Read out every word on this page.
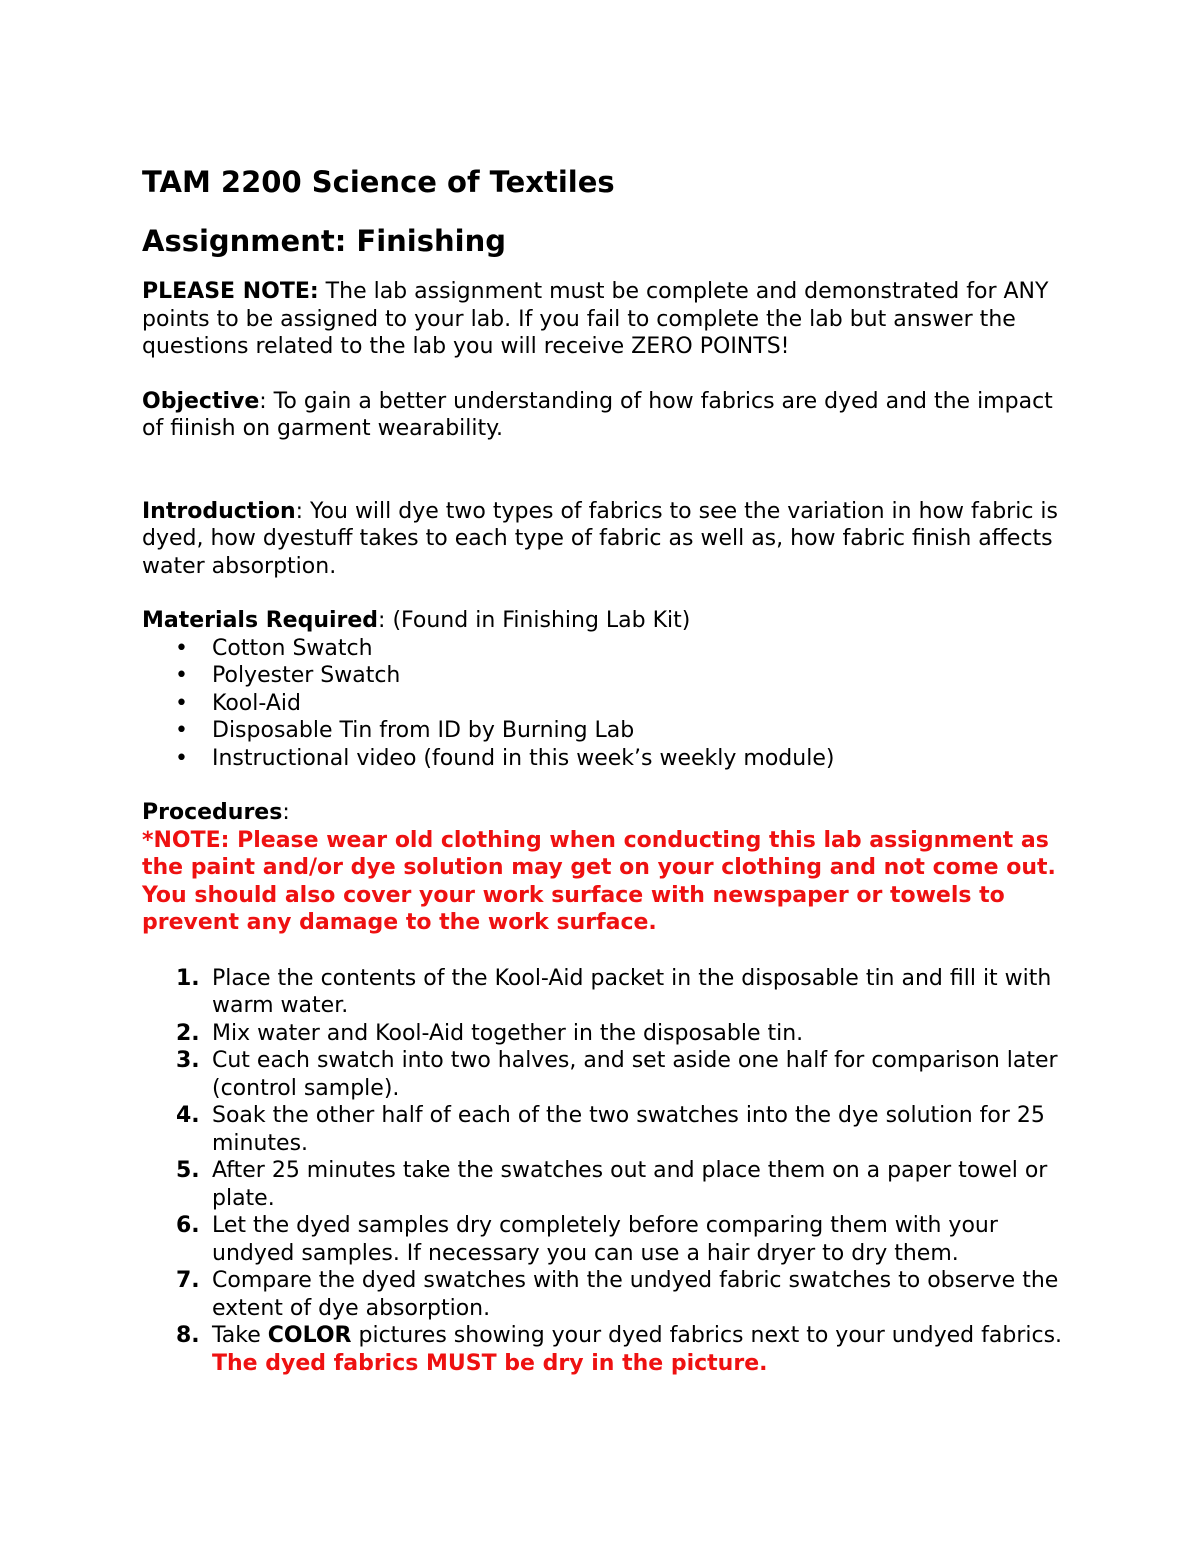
TAM 2200 Science of Textiles
Assignment: Finishing

PLEASE NOTE: The lab assignment must be complete and demonstrated for ANY points to be assigned to your lab. If you fail to complete the lab but answer the questions related to the lab you will receive ZERO POINTS!

Objective: To gain a better understanding of how fabrics are dyed and the impact of fiinish on garment wearability.

Introduction: You will dye two types of fabrics to see the variation in how fabric is dyed, how dyestuff takes to each type of fabric as well as, how fabric finish affects water absorption.

Materials Required: (Found in Finishing Lab Kit)

• Cotton Swatch
• Polyester Swatch
• Kool-Aid
• Disposable Tin from ID by Burning Lab
• Instructional video (found in this week’s weekly module)

Procedures:

*NOTE: Please wear old clothing when conducting this lab assignment as the paint and/or dye solution may get on your clothing and not come out. You should also cover your work surface with newspaper or towels to prevent any damage to the work surface.

1. Place the contents of the Kool-Aid packet in the disposable tin and fill it with warm water.
2. Mix water and Kool-Aid together in the disposable tin.
3. Cut each swatch into two halves, and set aside one half for comparison later (control sample).
4. Soak the other half of each of the two swatches into the dye solution for 25 minutes.
5. After 25 minutes take the swatches out and place them on a paper towel or plate.
6. Let the dyed samples dry completely before comparing them with your undyed samples. If necessary you can use a hair dryer to dry them.
7. Compare the dyed swatches with the undyed fabric swatches to observe the extent of dye absorption.
8. Take COLOR pictures showing your dyed fabrics next to your undyed fabrics. The dyed fabrics MUST be dry in the picture.
